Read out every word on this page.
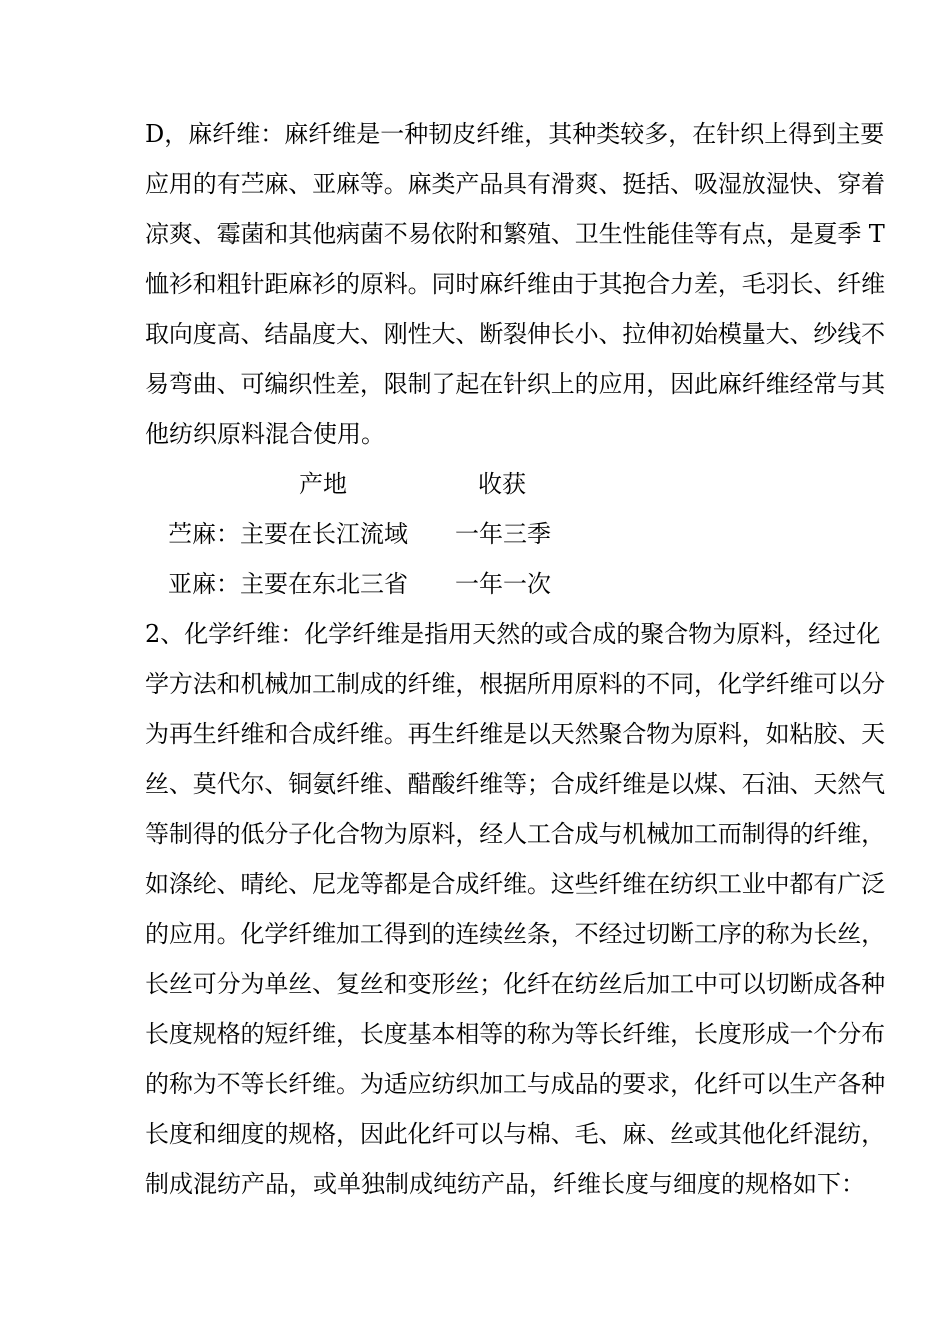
D，麻纤维：麻纤维是一种韧皮纤维，其种类较多，在针织上得到主要
应用的有苎麻、亚麻等。麻类产品具有滑爽、挺括、吸湿放湿快、穿着
凉爽、霉菌和其他病菌不易依附和繁殖、卫生性能佳等有点，是夏季 T
恤衫和粗针距麻衫的原料。同时麻纤维由于其抱合力差，毛羽长、纤维
取向度高、结晶度大、刚性大、断裂伸长小、拉伸初始模量大、纱线不
易弯曲、可编织性差，限制了起在针织上的应用，因此麻纤维经常与其
他纺织原料混合使用。
产地	收获
苎麻：主要在长江流域 一年三季
亚麻：主要在东北三省 一年一次
2、化学纤维：化学纤维是指用天然的或合成的聚合物为原料，经过化
学方法和机械加工制成的纤维，根据所用原料的不同，化学纤维可以分
为再生纤维和合成纤维。再生纤维是以天然聚合物为原料，如粘胶、天
丝、莫代尔、铜氨纤维、醋酸纤维等；合成纤维是以煤、石油、天然气
等制得的低分子化合物为原料，经人工合成与机械加工而制得的纤维，
如涤纶、晴纶、尼龙等都是合成纤维。这些纤维在纺织工业中都有广泛
的应用。化学纤维加工得到的连续丝条，不经过切断工序的称为长丝，
长丝可分为单丝、复丝和变形丝；化纤在纺丝后加工中可以切断成各种
长度规格的短纤维，长度基本相等的称为等长纤维，长度形成一个分布
的称为不等长纤维。为适应纺织加工与成品的要求，化纤可以生产各种
长度和细度的规格，因此化纤可以与棉、毛、麻、丝或其他化纤混纺，
制成混纺产品，或单独制成纯纺产品，纤维长度与细度的规格如下：
